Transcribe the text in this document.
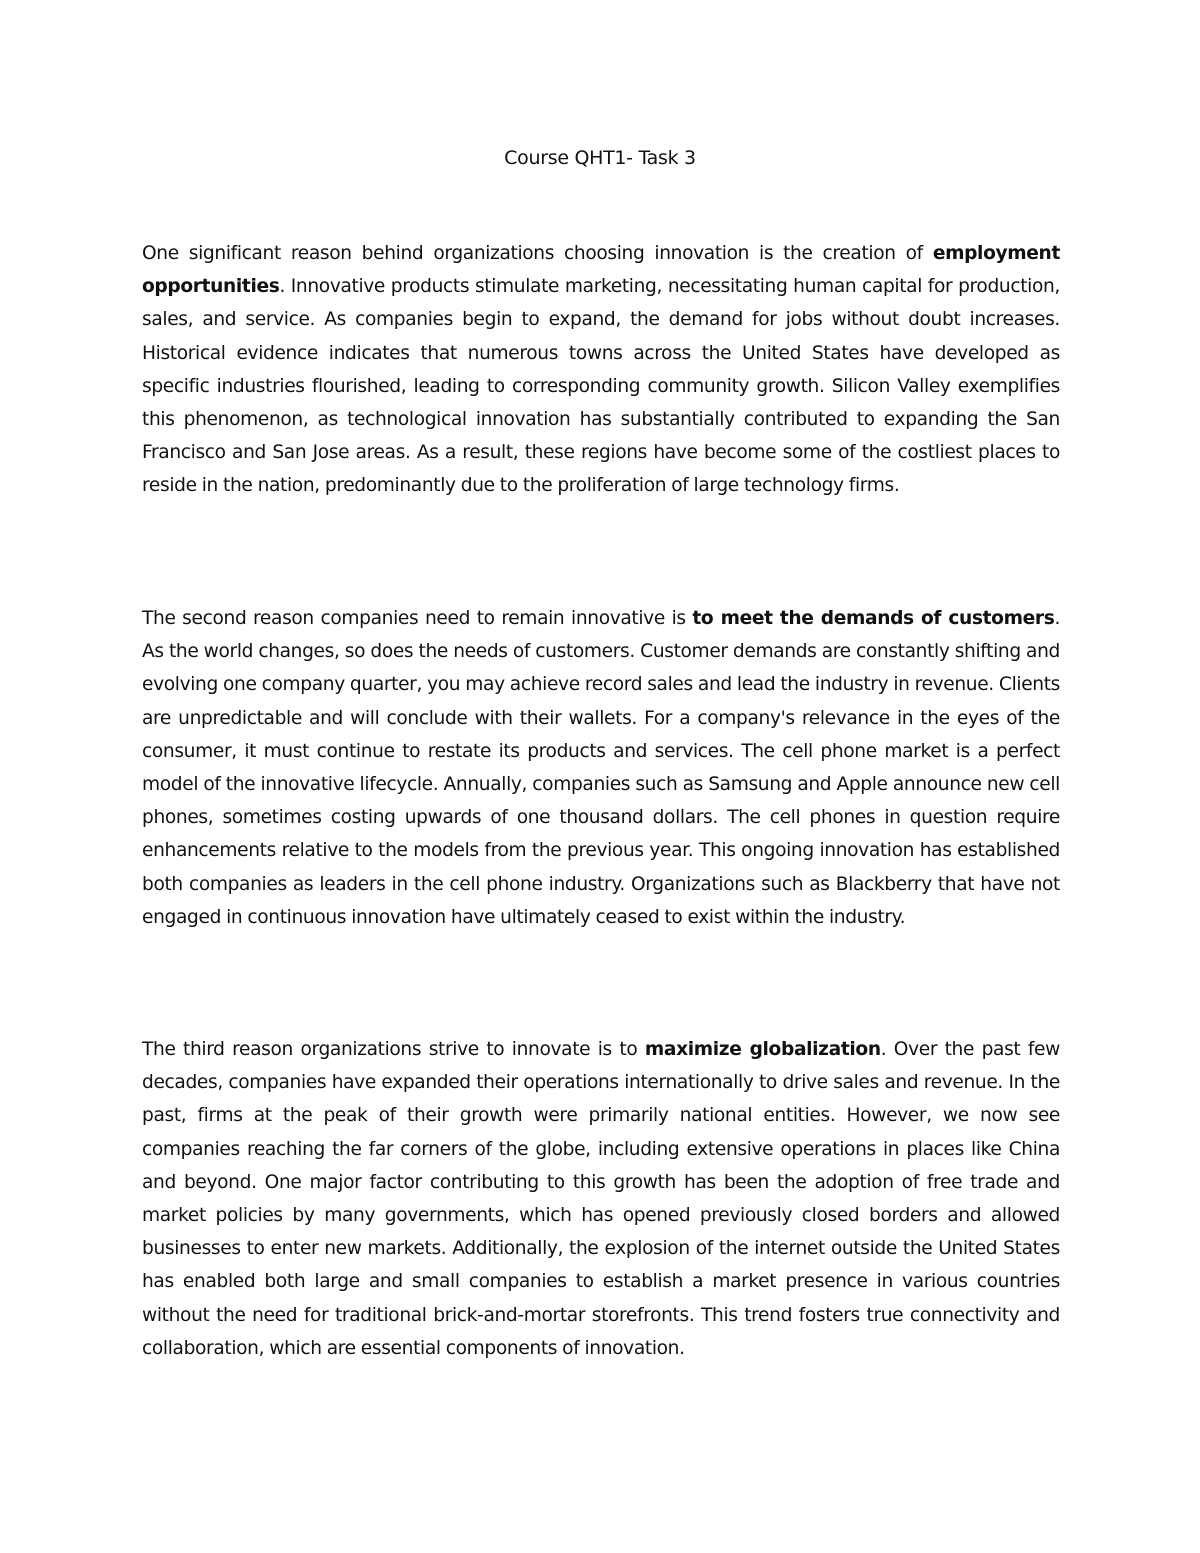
Course QHT1- Task 3

One significant reason behind organizations choosing innovation is the creation of employment opportunities. Innovative products stimulate marketing, necessitating human capital for production, sales, and service. As companies begin to expand, the demand for jobs without doubt increases. Historical evidence indicates that numerous towns across the United States have developed as specific industries flourished, leading to corresponding community growth. Silicon Valley exemplifies this phenomenon, as technological innovation has substantially contributed to expanding the San Francisco and San Jose areas. As a result, these regions have become some of the costliest places to reside in the nation, predominantly due to the proliferation of large technology firms.

The second reason companies need to remain innovative is to meet the demands of customers. As the world changes, so does the needs of customers. Customer demands are constantly shifting and evolving one company quarter, you may achieve record sales and lead the industry in revenue. Clients are unpredictable and will conclude with their wallets. For a company's relevance in the eyes of the consumer, it must continue to restate its products and services. The cell phone market is a perfect model of the innovative lifecycle. Annually, companies such as Samsung and Apple announce new cell phones, sometimes costing upwards of one thousand dollars. The cell phones in question require enhancements relative to the models from the previous year. This ongoing innovation has established both companies as leaders in the cell phone industry. Organizations such as Blackberry that have not engaged in continuous innovation have ultimately ceased to exist within the industry.

The third reason organizations strive to innovate is to maximize globalization. Over the past few decades, companies have expanded their operations internationally to drive sales and revenue. In the past, firms at the peak of their growth were primarily national entities. However, we now see companies reaching the far corners of the globe, including extensive operations in places like China and beyond. One major factor contributing to this growth has been the adoption of free trade and market policies by many governments, which has opened previously closed borders and allowed businesses to enter new markets. Additionally, the explosion of the internet outside the United States has enabled both large and small companies to establish a market presence in various countries without the need for traditional brick-and-mortar storefronts. This trend fosters true connectivity and collaboration, which are essential components of innovation.
